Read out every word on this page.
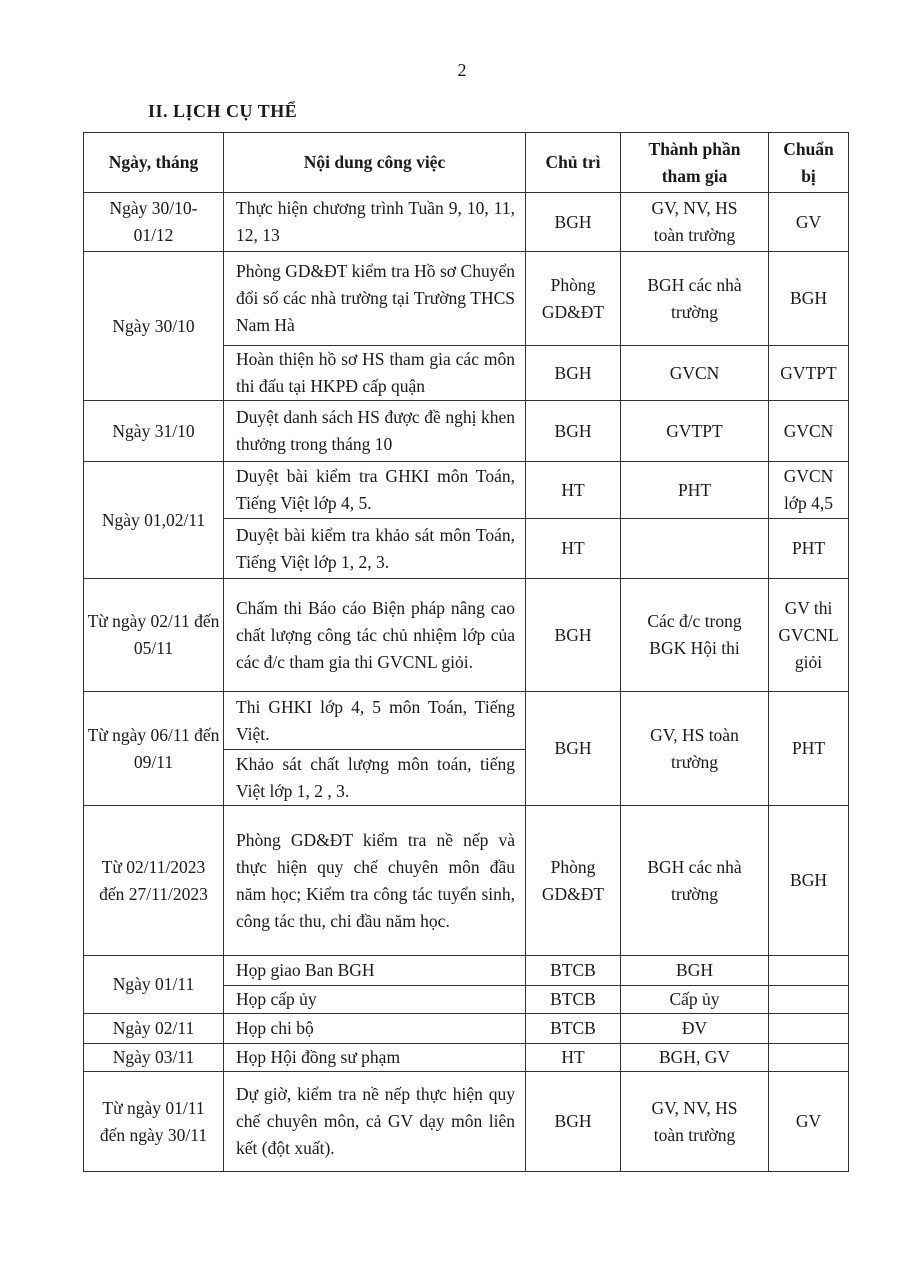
2
II. LỊCH CỤ THỂ
Ngày, tháng	Nội dung công việc	Chủ trì	Thành phần tham gia	Chuẩn bị
Ngày 30/10-01/12	Thực hiện chương trình Tuần 9, 10, 11, 12, 13	BGH	GV, NV, HS toàn trường	GV
Ngày 30/10	Phòng GD&ĐT kiểm tra Hồ sơ Chuyển đổi số các nhà trường tại Trường THCS Nam Hà	Phòng GD&ĐT	BGH các nhà trường	BGH
	Hoàn thiện hồ sơ HS tham gia các môn thi đấu tại HKPĐ cấp quận	BGH	GVCN	GVTPT
Ngày 31/10	Duyệt danh sách HS được đề nghị khen thưởng trong tháng 10	BGH	GVTPT	GVCN
Ngày 01,02/11	Duyệt bài kiểm tra GHKI môn Toán, Tiếng Việt lớp 4, 5.	HT	PHT	GVCN lớp 4,5
	Duyệt bài kiểm tra khảo sát môn Toán, Tiếng Việt lớp 1, 2, 3.	HT		PHT
Từ ngày 02/11 đến 05/11	Chấm thi Báo cáo Biện pháp nâng cao chất lượng công tác chủ nhiệm lớp của các đ/c tham gia thi GVCNL giỏi.	BGH	Các đ/c trong BGK Hội thi	GV thi GVCNL giỏi
Từ ngày 06/11 đến 09/11	Thi GHKI lớp 4, 5 môn Toán, Tiếng Việt.	BGH	GV, HS toàn trường	PHT
	Khảo sát chất lượng môn toán, tiếng Việt lớp 1, 2 , 3.			
Từ 02/11/2023 đến 27/11/2023	Phòng GD&ĐT kiểm tra nề nếp và thực hiện quy chế chuyên môn đầu năm học; Kiểm tra công tác tuyển sinh, công tác thu, chi đầu năm học.	Phòng GD&ĐT	BGH các nhà trường	BGH
Ngày 01/11	Họp giao Ban BGH	BTCB	BGH	
	Họp cấp ủy	BTCB	Cấp ủy	
Ngày 02/11	Họp chi bộ	BTCB	ĐV	
Ngày 03/11	Họp Hội đồng sư phạm	HT	BGH, GV	
Từ ngày 01/11 đến ngày 30/11	Dự giờ, kiểm tra nề nếp thực hiện quy chế chuyên môn, cả GV dạy môn liên kết (đột xuất).	BGH	GV, NV, HS toàn trường	GV
